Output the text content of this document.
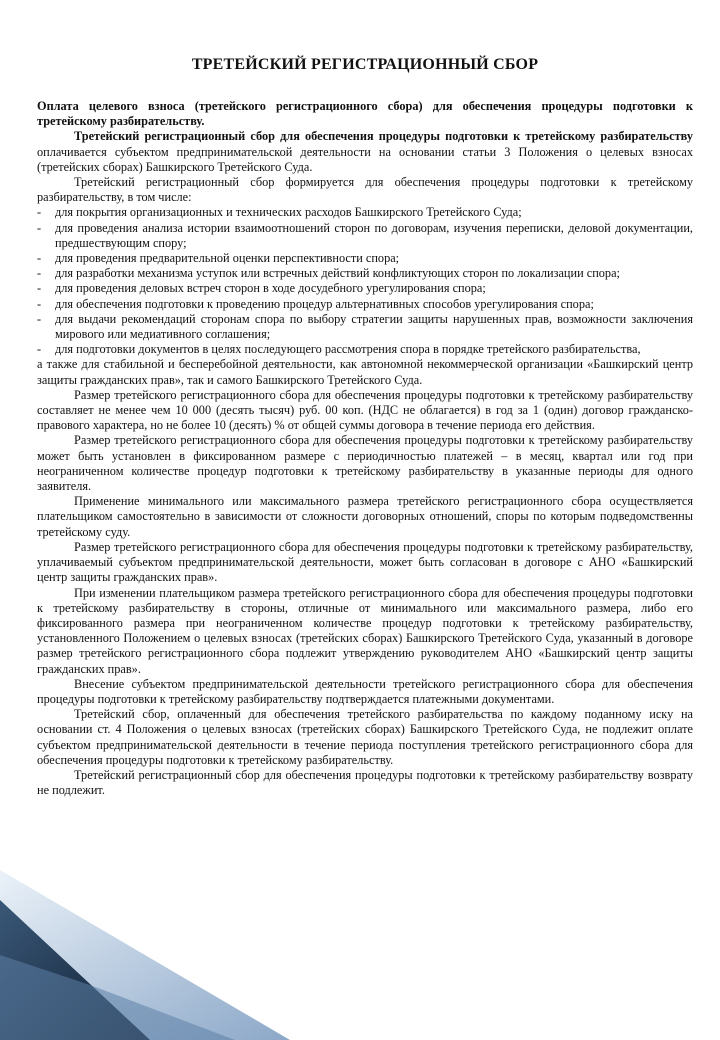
ТРЕТЕЙСКИЙ РЕГИСТРАЦИОННЫЙ СБОР

Оплата целевого взноса (третейского регистрационного сбора) для обеспечения процедуры подготовки к третейскому разбирательству.

Третейский регистрационный сбор для обеспечения процедуры подготовки к третейскому разбирательству оплачивается субъектом предпринимательской деятельности на основании статьи 3 Положения о целевых взносах (третейских сборах) Башкирского Третейского Суда.

Третейский регистрационный сбор формируется для обеспечения процедуры подготовки к третейскому разбирательству, в том числе:

- для покрытия организационных и технических расходов Башкирского Третейского Суда;
- для проведения анализа истории взаимоотношений сторон по договорам, изучения переписки, деловой документации, предшествующим спору;
- для проведения предварительной оценки перспективности спора;
- для разработки механизма уступок или встречных действий конфликтующих сторон по локализации спора;
- для проведения деловых встреч сторон в ходе досудебного урегулирования спора;
- для обеспечения подготовки к проведению процедур альтернативных способов урегулирования спора;
- для выдачи рекомендаций сторонам спора по выбору стратегии защиты нарушенных прав, возможности заключения мирового или медиативного соглашения;
- для подготовки документов в целях последующего рассмотрения спора в порядке третейского разбирательства,

а также для стабильной и бесперебойной деятельности, как автономной некоммерческой организации «Башкирский центр защиты гражданских прав», так и самого Башкирского Третейского Суда.

Размер третейского регистрационного сбора для обеспечения процедуры подготовки к третейскому разбирательству составляет не менее чем 10 000 (десять тысяч) руб. 00 коп. (НДС не облагается) в год за 1 (один) договор гражданско-правового характера, но не более 10 (десять) % от общей суммы договора в течение периода его действия.

Размер третейского регистрационного сбора для обеспечения процедуры подготовки к третейскому разбирательству может быть установлен в фиксированном размере с периодичностью платежей – в месяц, квартал или год при неограниченном количестве процедур подготовки к третейскому разбирательству в указанные периоды для одного заявителя.

Применение минимального или максимального размера третейского регистрационного сбора осуществляется плательщиком самостоятельно в зависимости от сложности договорных отношений, споры по которым подведомственны третейскому суду.

Размер третейского регистрационного сбора для обеспечения процедуры подготовки к третейскому разбирательству, уплачиваемый субъектом предпринимательской деятельности, может быть согласован в договоре с АНО «Башкирский центр защиты гражданских прав».

При изменении плательщиком размера третейского регистрационного сбора для обеспечения процедуры подготовки к третейскому разбирательству в стороны, отличные от минимального или максимального размера, либо его фиксированного размера при неограниченном количестве процедур подготовки к третейскому разбирательству, установленного Положением о целевых взносах (третейских сборах) Башкирского Третейского Суда, указанный в договоре размер третейского регистрационного сбора подлежит утверждению руководителем АНО «Башкирский центр защиты гражданских прав».

Внесение субъектом предпринимательской деятельности третейского регистрационного сбора для обеспечения процедуры подготовки к третейскому разбирательству подтверждается платежными документами.

Третейский сбор, оплаченный для обеспечения третейского разбирательства по каждому поданному иску на основании ст. 4 Положения о целевых взносах (третейских сборах) Башкирского Третейского Суда, не подлежит оплате субъектом предпринимательской деятельности в течение периода поступления третейского регистрационного сбора для обеспечения процедуры подготовки к третейскому разбирательству.

Третейский регистрационный сбор для обеспечения процедуры подготовки к третейскому разбирательству возврату не подлежит.
